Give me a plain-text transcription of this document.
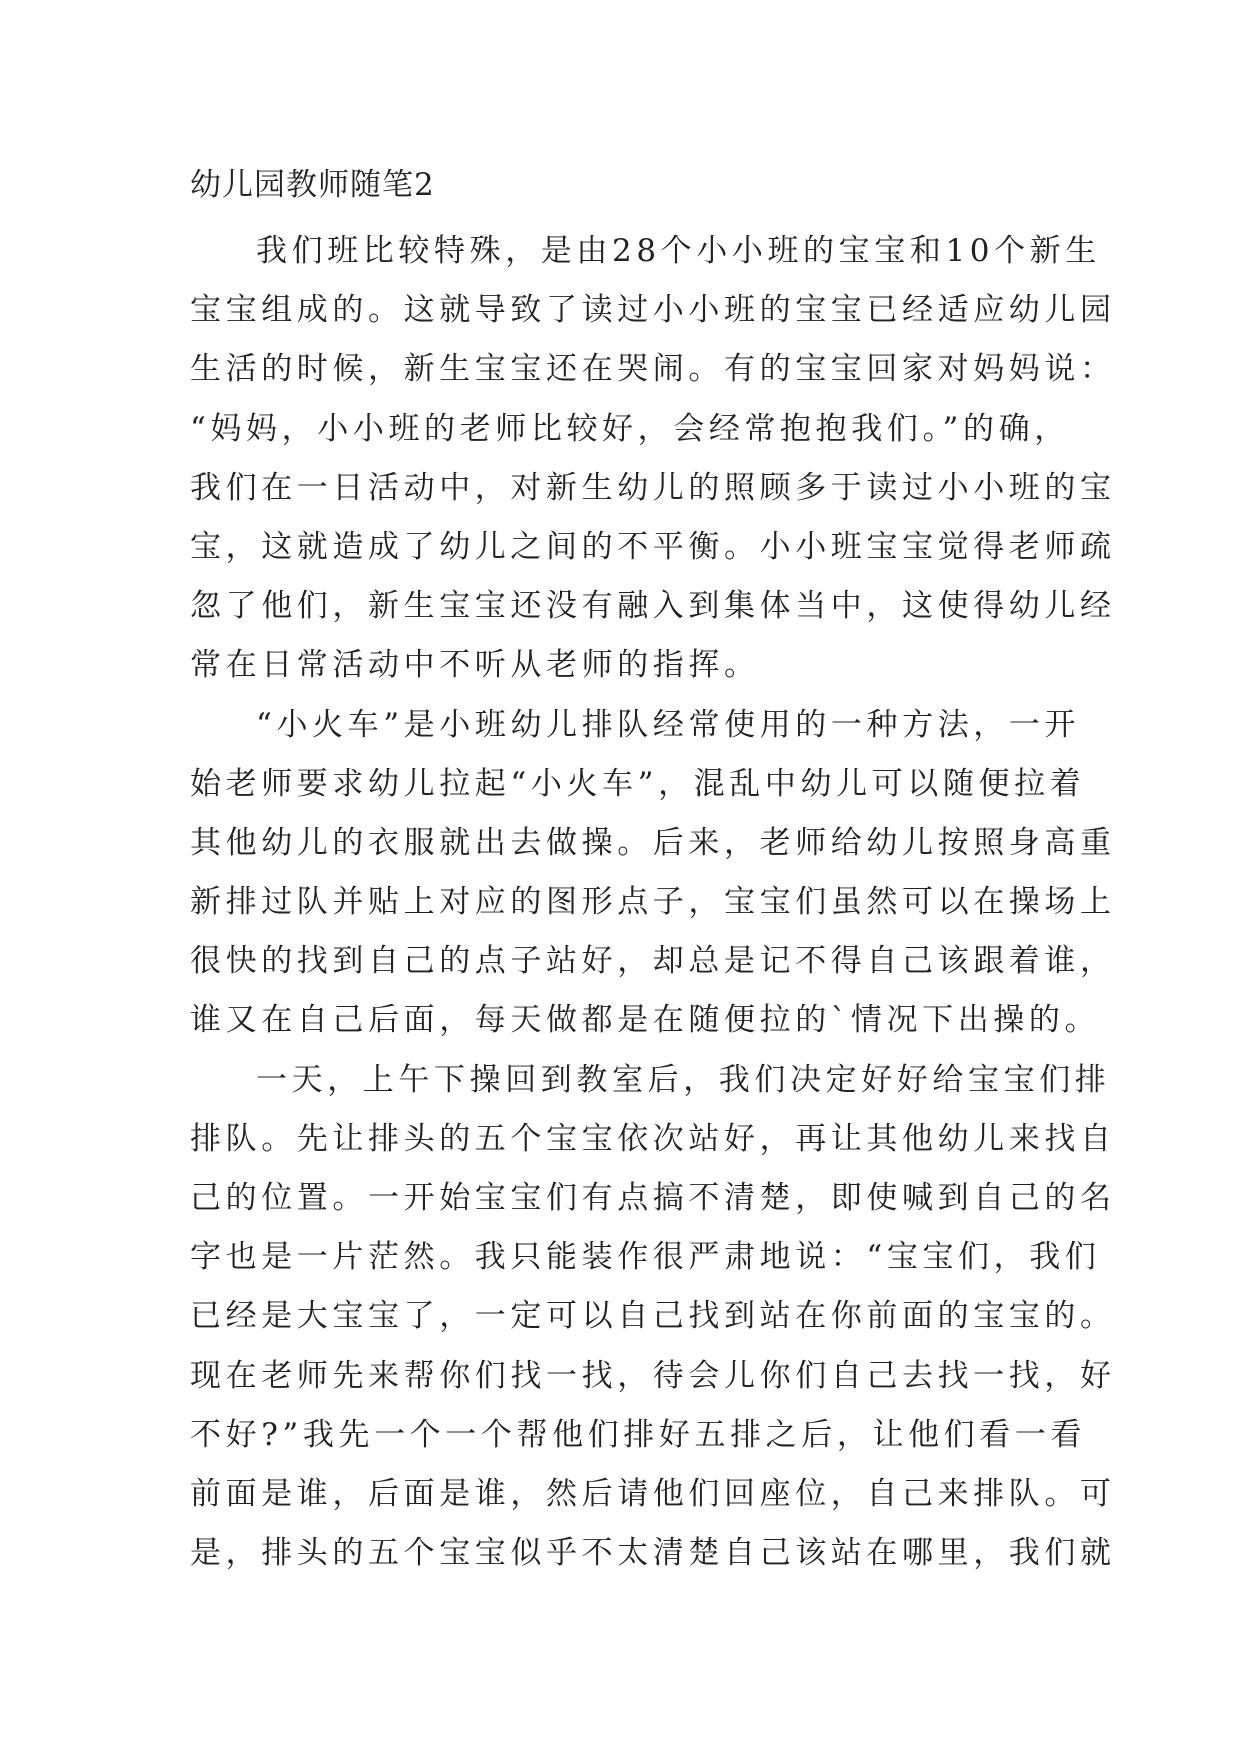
幼儿园教师随笔2
我们班比较特殊，是由28个小小班的宝宝和10个新生
宝宝组成的。这就导致了读过小小班的宝宝已经适应幼儿园
生活的时候，新生宝宝还在哭闹。有的宝宝回家对妈妈说：
“妈妈，小小班的老师比较好，会经常抱抱我们。”的确，
我们在一日活动中，对新生幼儿的照顾多于读过小小班的宝
宝，这就造成了幼儿之间的不平衡。小小班宝宝觉得老师疏
忽了他们，新生宝宝还没有融入到集体当中，这使得幼儿经
常在日常活动中不听从老师的指挥。
“小火车”是小班幼儿排队经常使用的一种方法，一开
始老师要求幼儿拉起“小火车”，混乱中幼儿可以随便拉着
其他幼儿的衣服就出去做操。后来，老师给幼儿按照身高重
新排过队并贴上对应的图形点子，宝宝们虽然可以在操场上
很快的找到自己的点子站好，却总是记不得自己该跟着谁，
谁又在自己后面，每天做都是在随便拉的`情况下出操的。
一天，上午下操回到教室后，我们决定好好给宝宝们排
排队。先让排头的五个宝宝依次站好，再让其他幼儿来找自
己的位置。一开始宝宝们有点搞不清楚，即使喊到自己的名
字也是一片茫然。我只能装作很严肃地说：“宝宝们，我们
已经是大宝宝了，一定可以自己找到站在你前面的宝宝的。
现在老师先来帮你们找一找，待会儿你们自己去找一找，好
不好?”我先一个一个帮他们排好五排之后，让他们看一看
前面是谁，后面是谁，然后请他们回座位，自己来排队。可
是，排头的五个宝宝似乎不太清楚自己该站在哪里，我们就
